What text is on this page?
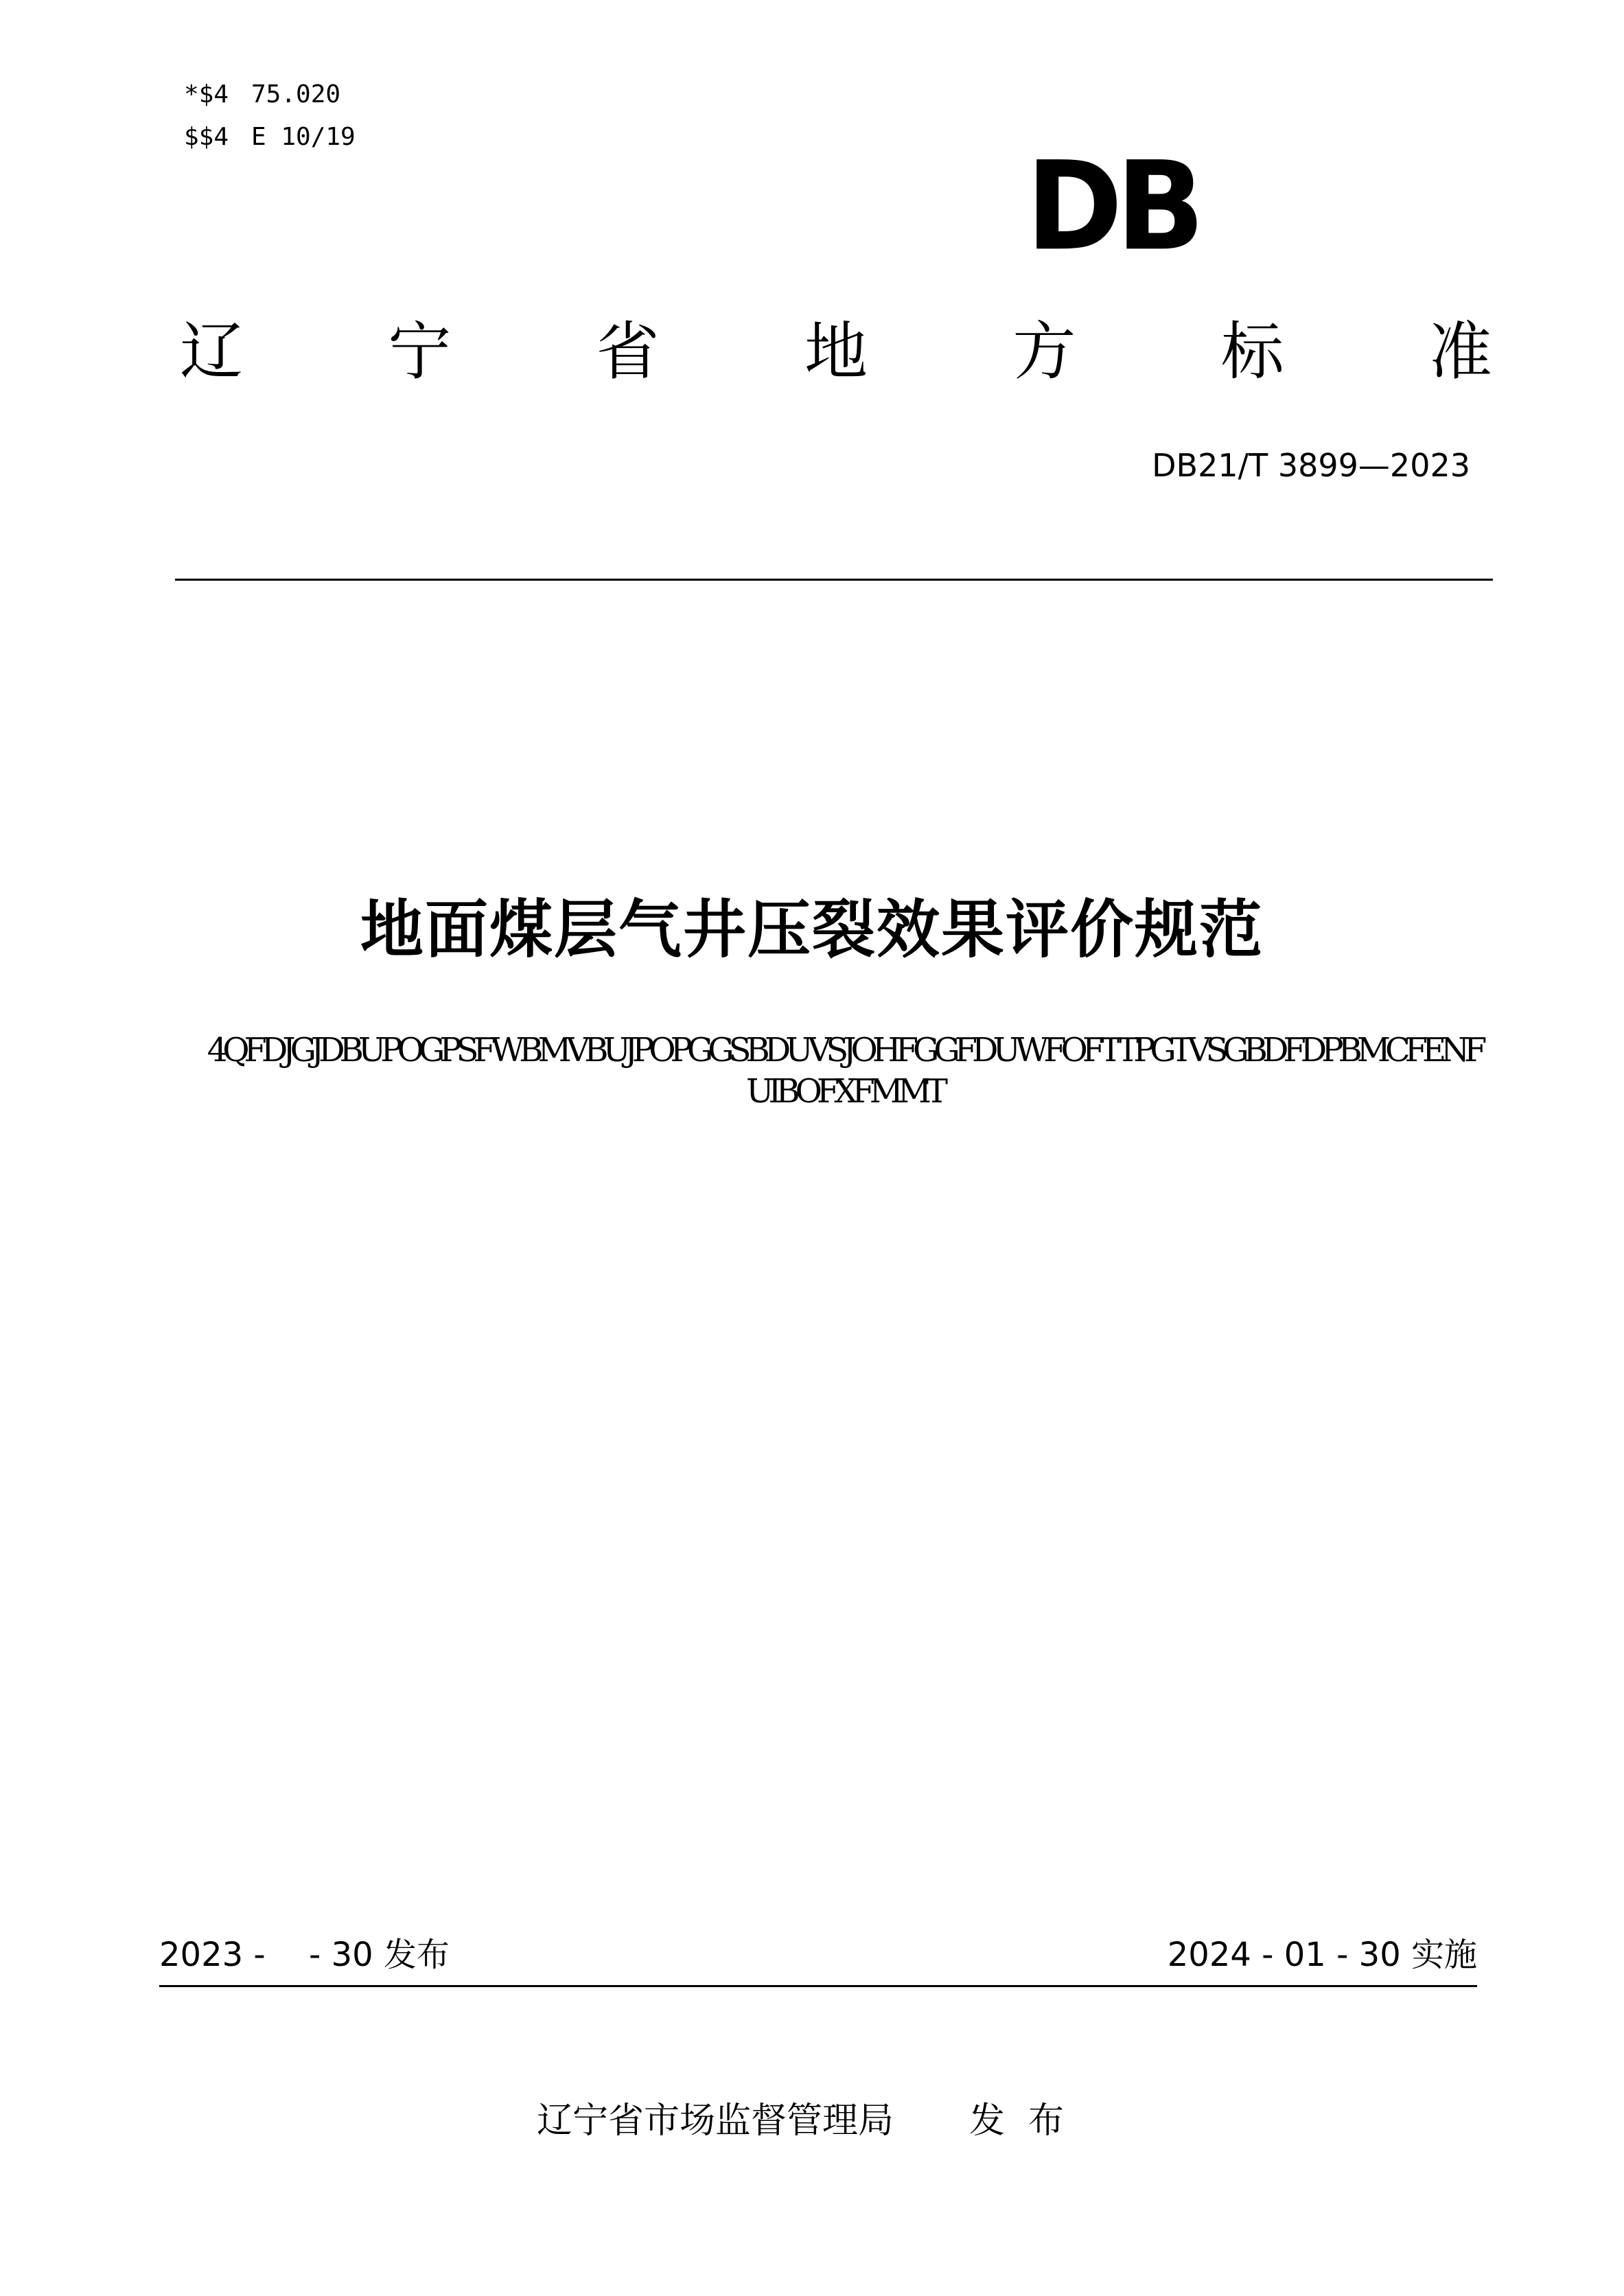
*$4 75.020
$$4 E 10/19	DB
辽 宁 省 地 方 标 准
DB21/T 3899—2023
地面煤层气井压裂效果评价规范
4QFDJGJDBUPOGPSFWBMVBUJPOPGGSBDUVSJOHFGGFDUWFOFTTPGTVSGBDFDPBMCFENFUIBOFXFMMT
2023 -　 - 30 发布	2024 - 01 - 30 实施
辽宁省市场监督管理局 发布
